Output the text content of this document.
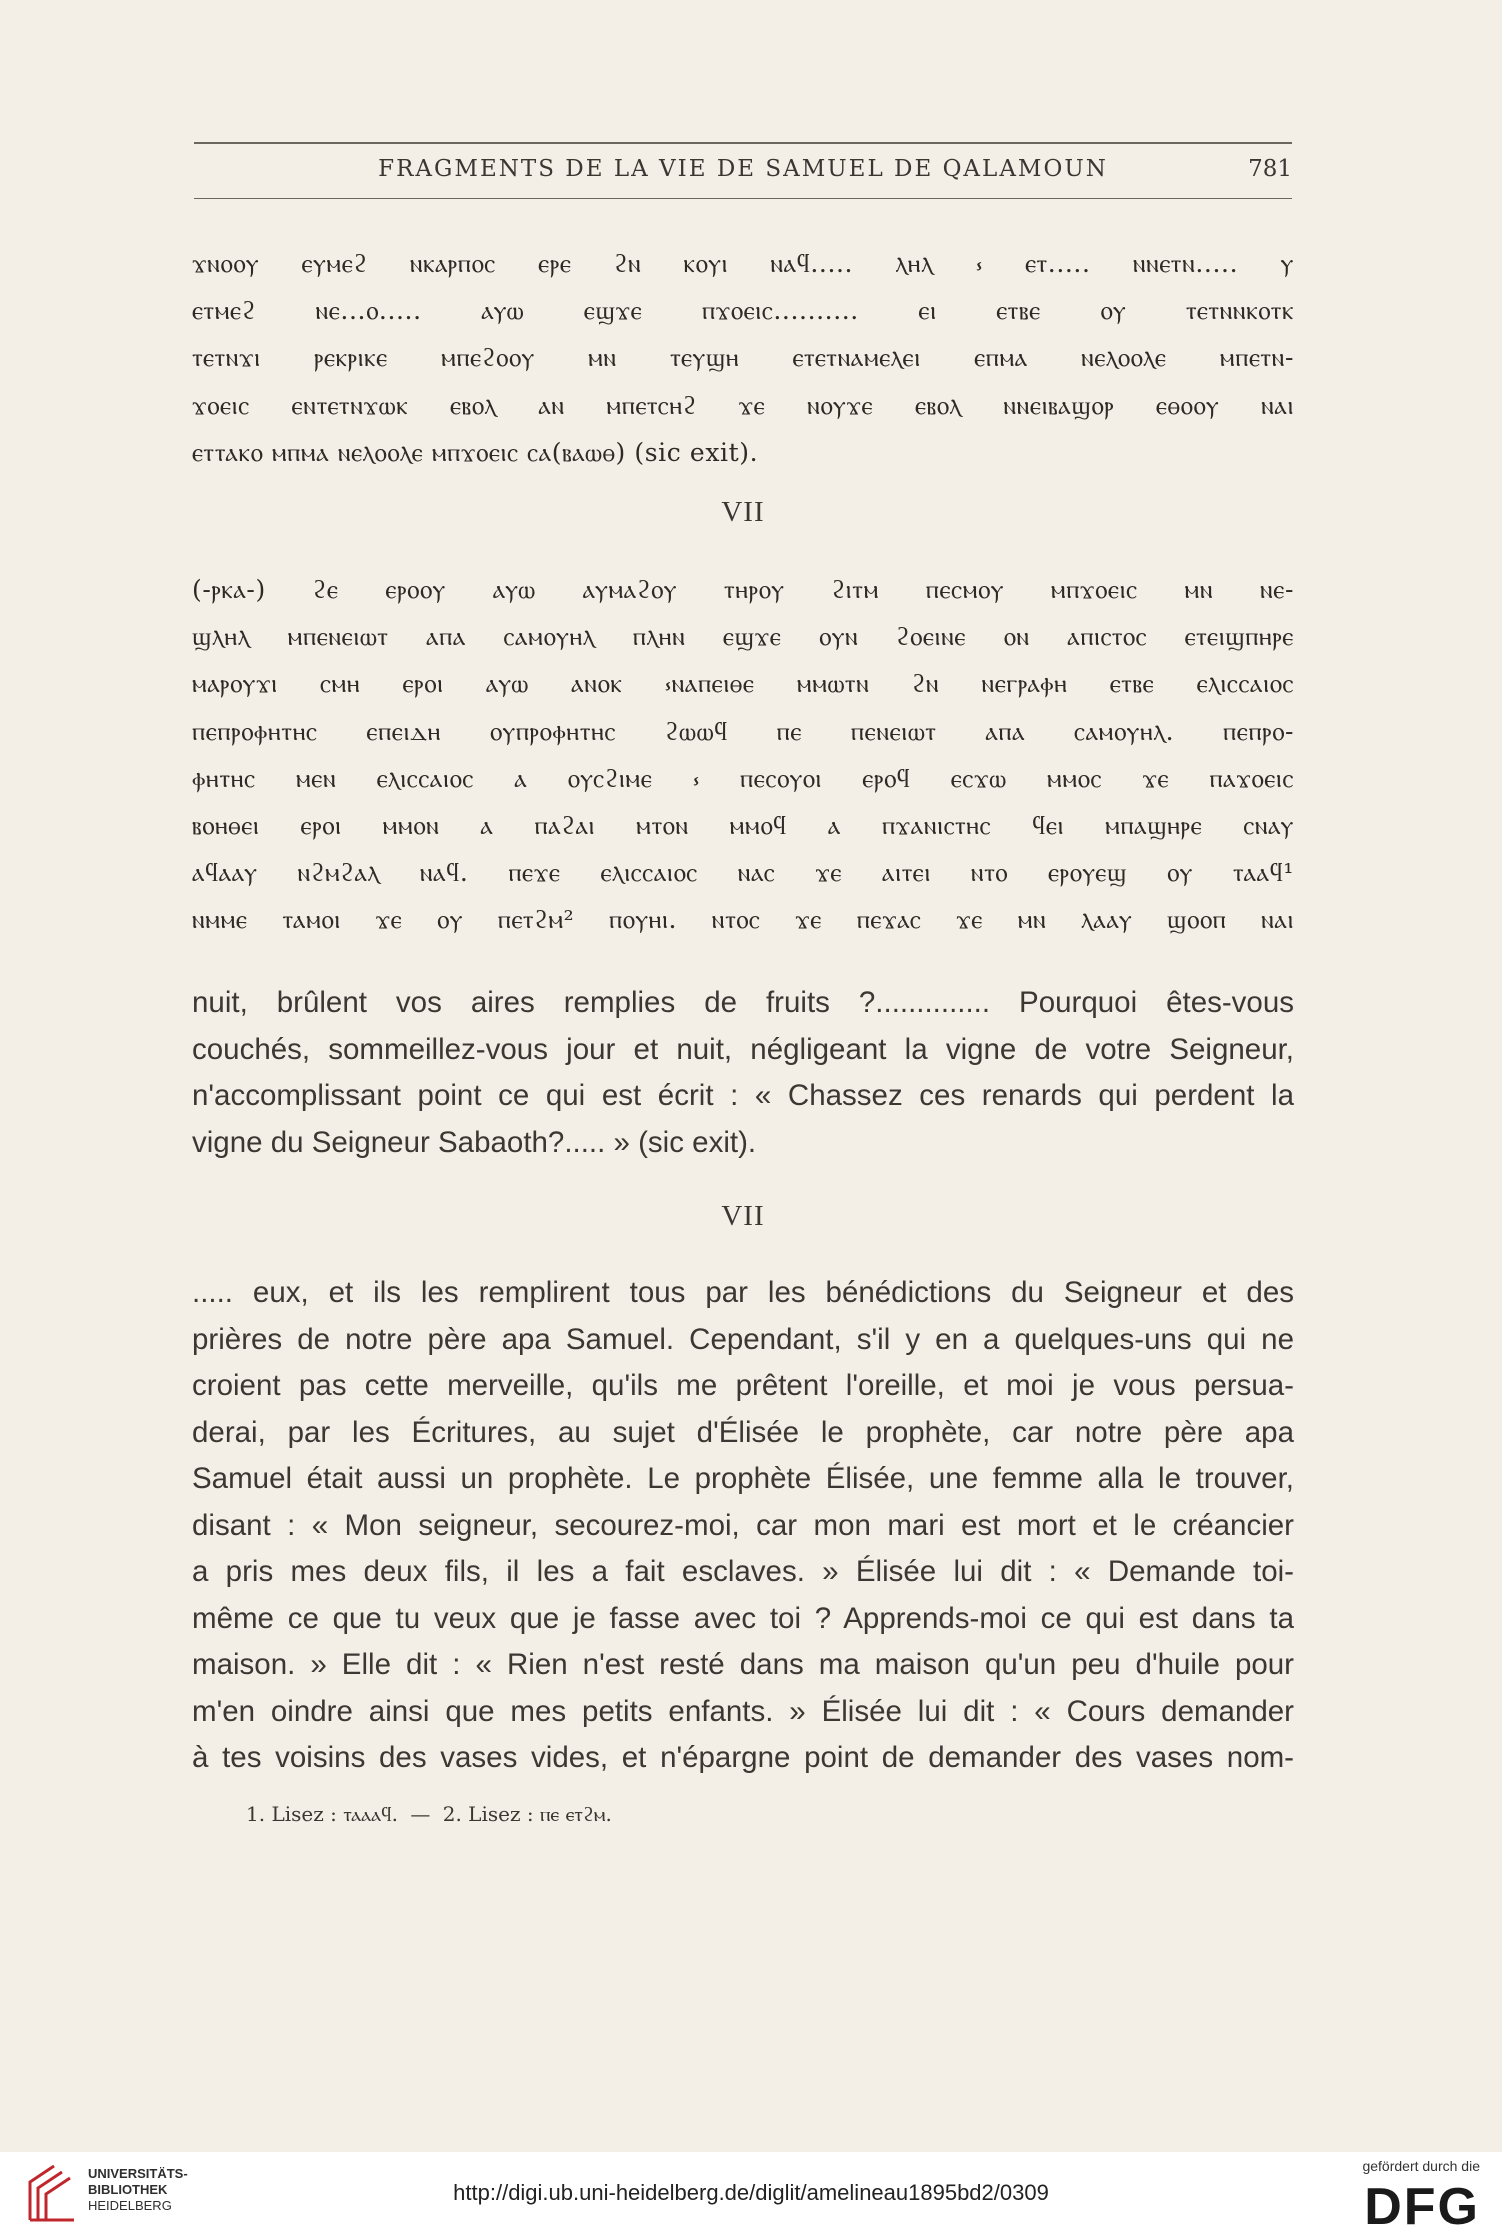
FRAGMENTS DE LA VIE DE SAMUEL DE QALAMOUN	781

ϫⲛⲟⲟⲩ ⲉⲩⲙⲉϩ ⲛⲕⲁⲣⲡⲟⲥ ⲉⲣⲉ ϩⲛ ⲕⲟⲩⲓ ⲛⲁϥ..... ⲗⲏⲗ ⳽ ⲉⲧ..... ⲛⲛⲉⲧⲛ..... ⲩ

ⲉⲧⲙⲉϩ ⲛⲉ...ⲟ..... ⲁⲩⲱ ⲉϣϫⲉ ⲡϫⲟⲉⲓⲥ.......... ⲉⲓ ⲉⲧⲃⲉ ⲟⲩ ⲧⲉⲧⲛⲛⲕⲟⲧⲕ

ⲧⲉⲧⲛϫⲓ ⲣⲉⲕⲣⲓⲕⲉ ⲙⲡⲉϩⲟⲟⲩ ⲙⲛ ⲧⲉⲩϣⲏ ⲉⲧⲉⲧⲛⲁⲙⲉⲗⲉⲓ ⲉⲡⲙⲁ ⲛⲉⲗⲟⲟⲗⲉ ⲙⲡⲉⲧⲛ-

ϫⲟⲉⲓⲥ ⲉⲛⲧⲉⲧⲛϫⲱⲕ ⲉⲃⲟⲗ ⲁⲛ ⲙⲡⲉⲧⲥⲏϩ ϫⲉ ⲛⲟⲩϫⲉ ⲉⲃⲟⲗ ⲛⲛⲉⲓⲃⲁϣⲟⲣ ⲉⲑⲟⲟⲩ ⲛⲁⲓ

ⲉⲧⲧⲁⲕⲟ ⲙⲡⲙⲁ ⲛⲉⲗⲟⲟⲗⲉ ⲙⲡϫⲟⲉⲓⲥ ⲥⲁ(ⲃⲁⲱⲑ) (sic exit).

VII

(-ⲣⲕⲁ-) ϩⲉ ⲉⲣⲟⲟⲩ ⲁⲩⲱ ⲁⲩⲙⲁϩⲟⲩ ⲧⲏⲣⲟⲩ ϩⲓⲧⲙ ⲡⲉⲥⲙⲟⲩ ⲙⲡϫⲟⲉⲓⲥ ⲙⲛ ⲛⲉ-

ϣⲗⲏⲗ ⲙⲡⲉⲛⲉⲓⲱⲧ ⲁⲡⲁ ⲥⲁⲙⲟⲩⲏⲗ ⲡⲗⲏⲛ ⲉϣϫⲉ ⲟⲩⲛ ϩⲟⲉⲓⲛⲉ ⲟⲛ ⲁⲡⲓⲥⲧⲟⲥ ⲉⲧⲉⲓϣⲡⲏⲣⲉ

ⲙⲁⲣⲟⲩϫⲓ ⲥⲙⲏ ⲉⲣⲟⲓ ⲁⲩⲱ ⲁⲛⲟⲕ ⳽ⲛⲁⲡⲉⲓⲑⲉ ⲙⲙⲱⲧⲛ ϩⲛ ⲛⲉⲅⲣⲁⲫⲏ ⲉⲧⲃⲉ ⲉⲗⲓⲥⲥⲁⲓⲟⲥ

ⲡⲉⲡⲣⲟⲫⲏⲧⲏⲥ ⲉⲡⲉⲓⲇⲏ ⲟⲩⲡⲣⲟⲫⲏⲧⲏⲥ ϩⲱⲱϥ ⲡⲉ ⲡⲉⲛⲉⲓⲱⲧ ⲁⲡⲁ ⲥⲁⲙⲟⲩⲏⲗ. ⲡⲉⲡⲣⲟ-

ⲫⲏⲧⲏⲥ ⲙⲉⲛ ⲉⲗⲓⲥⲥⲁⲓⲟⲥ ⲁ ⲟⲩⲥϩⲓⲙⲉ ⳽ ⲡⲉⲥⲟⲩⲟⲓ ⲉⲣⲟϥ ⲉⲥϫⲱ ⲙⲙⲟⲥ ϫⲉ ⲡⲁϫⲟⲉⲓⲥ

ⲃⲟⲏⲑⲉⲓ ⲉⲣⲟⲓ ⲙⲙⲟⲛ ⲁ ⲡⲁϩⲁⲓ ⲙⲧⲟⲛ ⲙⲙⲟϥ ⲁ ⲡϫⲁⲛⲓⲥⲧⲏⲥ ϥⲉⲓ ⲙⲡⲁϣⲏⲣⲉ ⲥⲛⲁⲩ

ⲁϥⲁⲁⲩ ⲛϩⲙϩⲁⲗ ⲛⲁϥ. ⲡⲉϫⲉ ⲉⲗⲓⲥⲥⲁⲓⲟⲥ ⲛⲁⲥ ϫⲉ ⲁⲓⲧⲉⲓ ⲛⲧⲟ ⲉⲣⲟⲩⲉϣ ⲟⲩ ⲧⲁⲁϥ¹

ⲛⲙⲙⲉ ⲧⲁⲙⲟⲓ ϫⲉ ⲟⲩ ⲡⲉⲧϩⲙ² ⲡⲟⲩⲏⲓ. ⲛⲧⲟⲥ ϫⲉ ⲡⲉϫⲁⲥ ϫⲉ ⲙⲛ ⲗⲁⲁⲩ ϣⲟⲟⲡ ⲛⲁⲓ

nuit, brûlent vos aires remplies de fruits ?.............. Pourquoi êtes-vous

couchés, sommeillez-vous jour et nuit, négligeant la vigne de votre Seigneur,

n'accomplissant point ce qui est écrit : « Chassez ces renards qui perdent la

vigne du Seigneur Sabaoth?..... » (sic exit).

VII

..... eux, et ils les remplirent tous par les bénédictions du Seigneur et des

prières de notre père apa Samuel. Cependant, s'il y en a quelques-uns qui ne

croient pas cette merveille, qu'ils me prêtent l'oreille, et moi je vous persua-

derai, par les Écritures, au sujet d'Élisée le prophète, car notre père apa

Samuel était aussi un prophète. Le prophète Élisée, une femme alla le trouver,

disant : « Mon seigneur, secourez-moi, car mon mari est mort et le créancier

a pris mes deux fils, il les a fait esclaves. » Élisée lui dit : « Demande toi-

même ce que tu veux que je fasse avec toi ? Apprends-moi ce qui est dans ta

maison. » Elle dit : « Rien n'est resté dans ma maison qu'un peu d'huile pour

m'en oindre ainsi que mes petits enfants. » Élisée lui dit : « Cours demander

à tes voisins des vases vides, et n'épargne point de demander des vases nom-

1. Lisez : ⲧⲁⲁⲁϥ. — 2. Lisez : ⲡⲉ ⲉⲧϩⲙ.
UNIVERSITÄTS-
BIBLIOTHEK
HEIDELBERG
http://digi.ub.uni-heidelberg.de/diglit/amelineau1895bd2/0309
gefördert durch die
DFG
